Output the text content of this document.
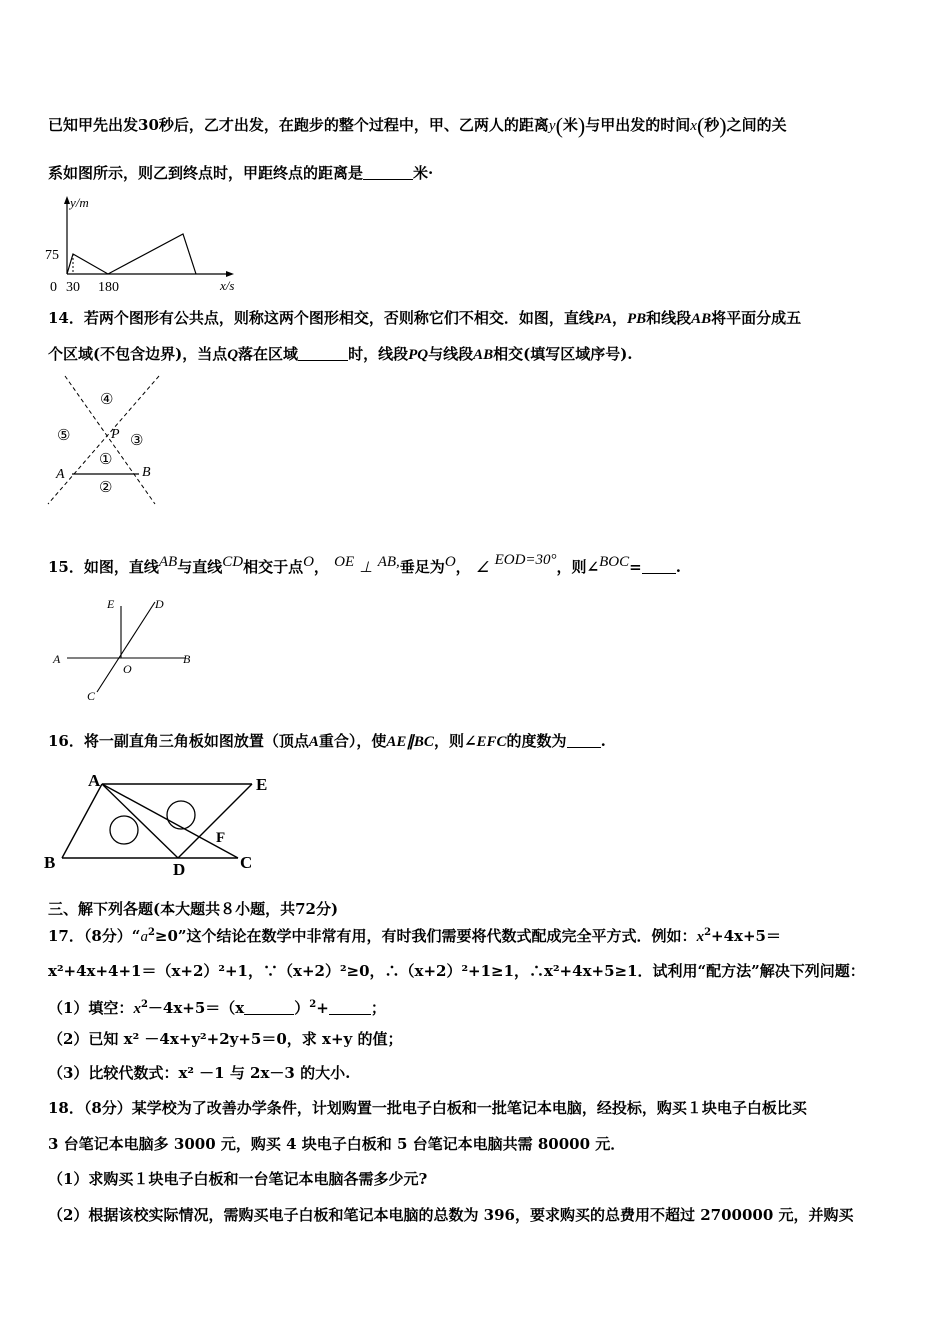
已知甲先出发30秒后，乙才出发，在跑步的整个过程中，甲、乙两人的距离y(米)与甲出发的时间x(秒)之间的关
系如图所示，则乙到终点时，甲距终点的距离是	米·
y/m
x/s
75
0 30 180
14．若两个图形有公共点，则称这两个图形相交，否则称它们不相交．如图，直线PA，PB和线段AB将平面分成五
个区域(不包含边界)，当点Q落在区域	时，线段PQ与线段AB相交(填写区域序号).
④
⑤	P ③
①
A	B
②
15．如图，直线AB与直线CD相交于点O， OE ⊥ AB,垂足为O， ∠ EOD=30°，则∠BOC= .
E	D
A	B
O
C
16．将一副直角三角板如图放置（顶点A重合），使AE∥BC，则∠EFC的度数为 .
A	E
B	D	C
F
三、解下列各题(本大题共８小题，共72分)
17．（8分）“$a^2\ge 0$”这个结论在数学中非常有用，有时我们需要将代数式配成完全平方式．例如：$x^2+4x+5=$
x²+4x+4+1＝（x+2）²+1，∵（x+2）²≥0，∴（x+2）²+1≥1，∴x²+4x+5≥1．试利用“配方法”解决下列问题：
（1）填空：$x^2-4x+5=(x$	）$^2$+	；
（2）已知 x² －4x+y²+2y+5＝0，求 x+y 的值；
（3）比较代数式：x² －1 与 2x－3 的大小.
18．（8分）某学校为了改善办学条件，计划购置一批电子白板和一批笔记本电脑，经投标，购买１块电子白板比买
3 台笔记本电脑多 3000 元，购买 4 块电子白板和 5 台笔记本电脑共需 80000 元．
（1）求购买１块电子白板和一台笔记本电脑各需多少元?
（2）根据该校实际情况，需购买电子白板和笔记本电脑的总数为 396，要求购买的总费用不超过 2700000 元，并购买
